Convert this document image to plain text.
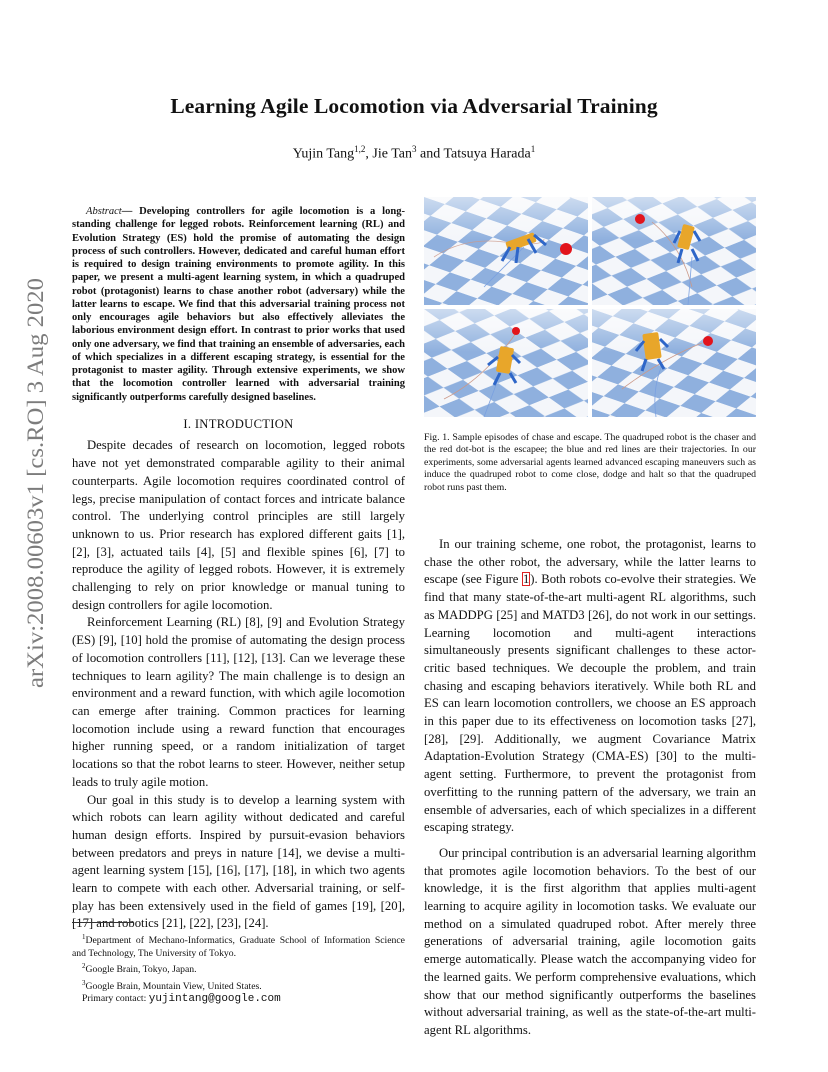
Learning Agile Locomotion via Adversarial Training
Yujin Tang$^{1,2}$, Jie Tan$^3$ and Tatsuya Harada$^1$
arXiv:2008.00603v1 [cs.RO] 3 Aug 2020
Abstract— Developing controllers for agile locomotion is a long-standing challenge for legged robots. Reinforcement learning (RL) and Evolution Strategy (ES) hold the promise of automating the design process of such controllers. However, dedicated and careful human effort is required to design training environments to promote agility. In this paper, we present a multi-agent learning system, in which a quadruped robot (protagonist) learns to chase another robot (adversary) while the latter learns to escape. We find that this adversarial training process not only encourages agile behaviors but also effectively alleviates the laborious environment design effort. In contrast to prior works that used only one adversary, we find that training an ensemble of adversaries, each of which specializes in a different escaping strategy, is essential for the protagonist to master agility. Through extensive experiments, we show that the locomotion controller learned with adversarial training significantly outperforms carefully designed baselines.

I. INTRODUCTION

Despite decades of research on locomotion, legged robots have not yet demonstrated comparable agility to their animal counterparts. Agile locomotion requires coordinated control of legs, precise manipulation of contact forces and intricate balance control. The underlying control principles are still largely unknown to us. Prior research has explored different gaits [1], [2], [3], actuated tails [4], [5] and flexible spines [6], [7] to reproduce the agility of legged robots. However, it is extremely challenging to rely on prior knowledge or manual tuning to design controllers for agile locomotion.

Reinforcement Learning (RL) [8], [9] and Evolution Strategy (ES) [9], [10] hold the promise of automating the design process of locomotion controllers [11], [12], [13]. Can we leverage these techniques to learn agility? The main challenge is to design an environment and a reward function, with which agile locomotion can emerge after training. Common practices for learning locomotion include using a reward function that encourages higher running speed, or a random initialization of target locations so that the robot learns to steer. However, neither setup leads to truly agile motion.

Our goal in this study is to develop a learning system with which robots can learn agility without dedicated and careful human design efforts. Inspired by pursuit-evasion behaviors between predators and preys in nature [14], we devise a multi-agent learning system [15], [16], [17], [18], in which two agents learn to compete with each other. Adversarial training, or self-play has been extensively used in the field of games [19], [20], [17] and robotics [21], [22], [23], [24].

$^1$Department of Mechano-Informatics, Graduate School of Information Science and Technology, The University of Tokyo.
$^2$Google Brain, Tokyo, Japan.
$^3$Google Brain, Mountain View, United States.
Primary contact: yujintang@google.com
Fig. 1. Sample episodes of chase and escape. The quadruped robot is the chaser and the red dot-bot is the escapee; the blue and red lines are their trajectories. In our experiments, some adversarial agents learned advanced escaping maneuvers such as induce the quadruped robot to come close, dodge and halt so that the quadruped robot runs past them.

In our training scheme, one robot, the protagonist, learns to chase the other robot, the adversary, while the latter learns to escape (see Figure 1). Both robots co-evolve their strategies. We find that many state-of-the-art multi-agent RL algorithms, such as MADDPG [25] and MATD3 [26], do not work in our settings. Learning locomotion and multi-agent interactions simultaneously presents significant challenges to these actor-critic based techniques. We decouple the problem, and train chasing and escaping behaviors iteratively. While both RL and ES can learn locomotion controllers, we choose an ES approach in this paper due to its effectiveness on locomotion tasks [27], [28], [29]. Additionally, we augment Covariance Matrix Adaptation-Evolution Strategy (CMA-ES) [30] to the multi-agent setting. Furthermore, to prevent the protagonist from overfitting to the running pattern of the adversary, we train an ensemble of adversaries, each of which specializes in a different escaping strategy.

Our principal contribution is an adversarial learning algorithm that promotes agile locomotion behaviors. To the best of our knowledge, it is the first algorithm that applies multi-agent learning to acquire agility in locomotion tasks. We evaluate our method on a simulated quadruped robot. After merely three generations of adversarial training, agile locomotion gaits emerge automatically. Please watch the accompanying video for the learned gaits. We perform comprehensive evaluations, which show that our method significantly outperforms the baselines without adversarial training, as well as the state-of-the-art multi-agent RL algorithms.
